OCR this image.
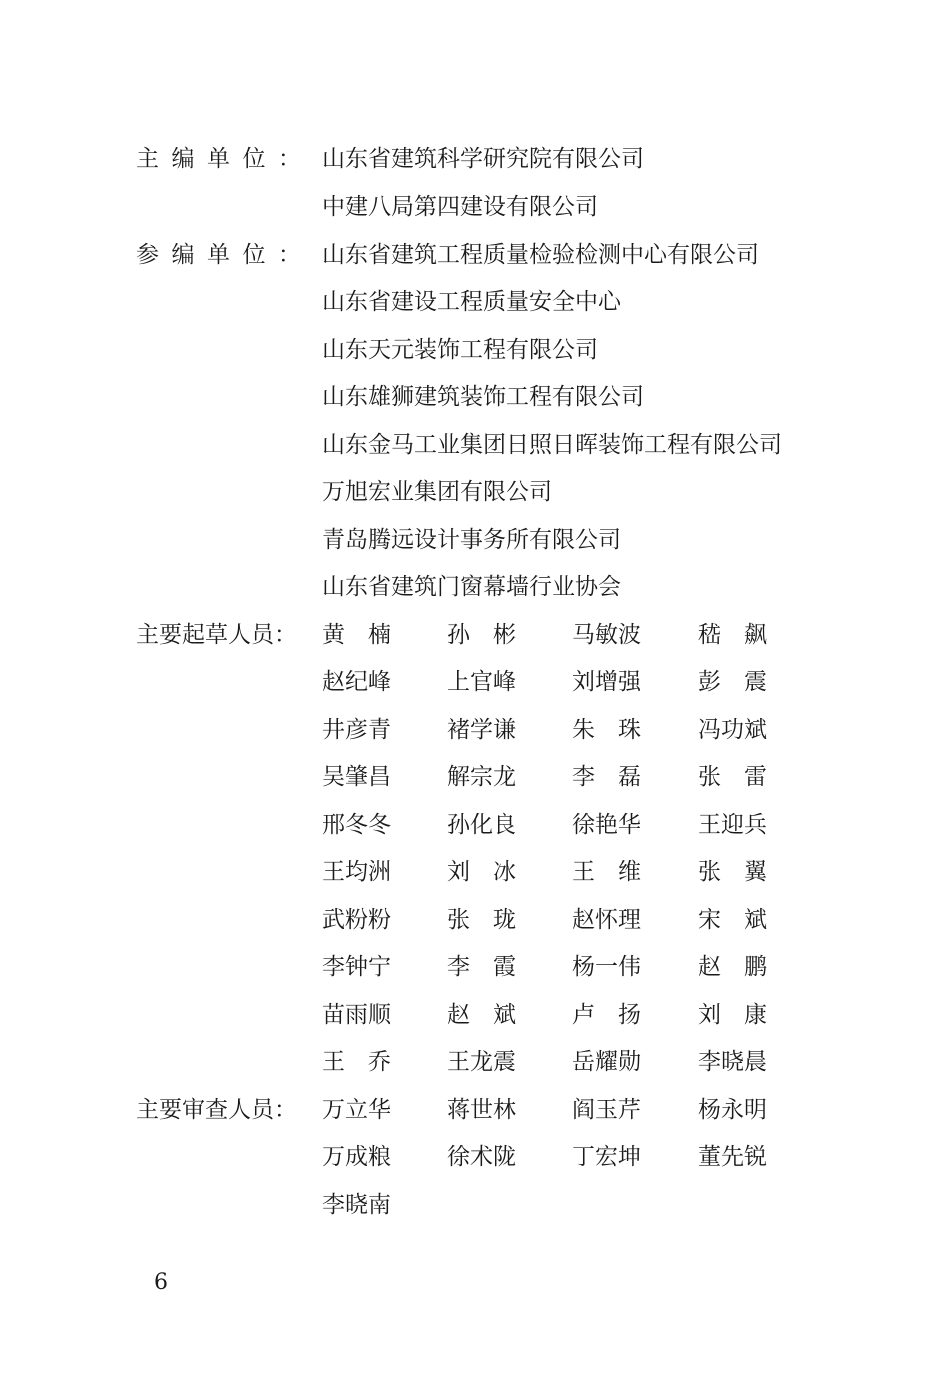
主编单位： 山东省建筑科学研究院有限公司
中建八局第四建设有限公司
参编单位： 山东省建筑工程质量检验检测中心有限公司
山东省建设工程质量安全中心
山东天元装饰工程有限公司
山东雄狮建筑装饰工程有限公司
山东金马工业集团日照日晖装饰工程有限公司
万旭宏业集团有限公司
青岛腾远设计事务所有限公司
山东省建筑门窗幕墙行业协会
主要起草人员：	黄　楠	孙　彬	马敏波	嵇　飙
赵纪峰	上官峰	刘增强	彭　震
井彦青	褚学谦	朱　珠	冯功斌
吴肇昌	解宗龙	李　磊	张　雷
邢冬冬	孙化良	徐艳华	王迎兵
王均洲	刘　冰	王　维	张　翼
武粉粉	张　珑	赵怀理	宋　斌
李钟宁	李　霞	杨一伟	赵　鹏
苗雨顺	赵　斌	卢　扬	刘　康
王　乔	王龙震	岳耀勋	李晓晨
主要审查人员：	万立华	蒋世林	阎玉芹	杨永明
万成粮	徐术陇	丁宏坤	董先锐
李晓南
6
